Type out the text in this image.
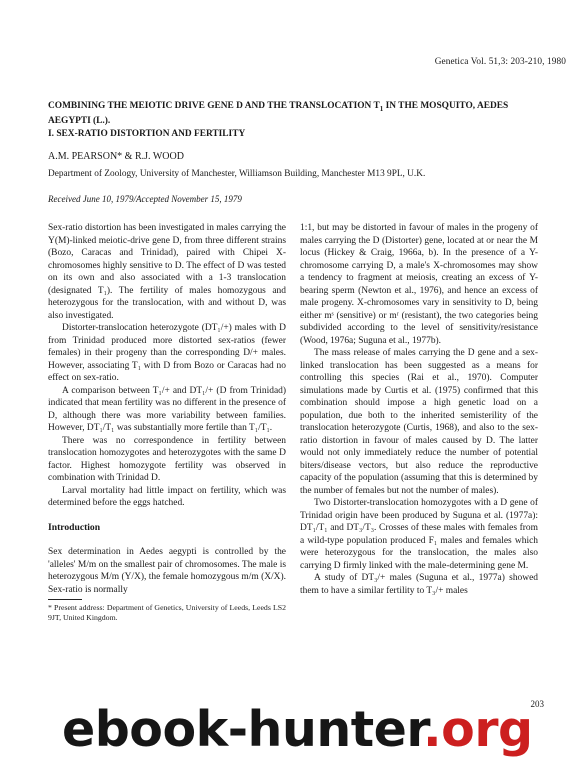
Genetica Vol. 51,3: 203-210, 1980
COMBINING THE MEIOTIC DRIVE GENE D AND THE TRANSLOCATION $T_1$ IN THE MOSQUITO, AEDES
AEGYPTI (L.).
I. SEX-RATIO DISTORTION AND FERTILITY
A.M. PEARSON* & R.J. WOOD
Department of Zoology, University of Manchester, Williamson Building, Manchester M13 9PL, U.K.
Received June 10, 1979/Accepted November 15, 1979

Sex-ratio distortion has been investigated in males carrying the Y(M)-linked meiotic-drive gene D, from three different strains (Bozo, Caracas and Trinidad), paired with Chipei X-chromosomes highly sensitive to D. The effect of D was tested on its own and also associated with a 1-3 translocation (designated T₁). The fertility of males homozygous and heterozygous for the translocation, with and without D, was also investigated.

Distorter-translocation heterozygote (DT₁/+) males with D from Trinidad produced more distorted sex-ratios (fewer females) in their progeny than the corresponding D/+ males. However, associating T₁ with D from Bozo or Caracas had no effect on sex-ratio.

A comparison between T₁/+ and DT₁/+ (D from Trinidad) indicated that mean fertility was no different in the presence of D, although there was more variability between families. However, DT₁/T₁ was substantially more fertile than T₁/T₁.

There was no correspondence in fertility between translocation homozygotes and heterozygotes with the same D factor. Highest homozygote fertility was observed in combination with Trinidad D.

Larval mortality had little impact on fertility, which was determined before the eggs hatched.

Introduction

Sex determination in Aedes aegypti is controlled by the 'alleles' M/m on the smallest pair of chromosomes. The male is heterozygous M/m (Y/X), the female homozygous m/m (X/X). Sex-ratio is normally

* Present address: Department of Genetics, University of Leeds, Leeds LS2 9JT, United Kingdom.

1:1, but may be distorted in favour of males in the progeny of males carrying the D (Distorter) gene, located at or near the M locus (Hickey & Craig, 1966a, b). In the presence of a Y-chromosome carrying D, a male's X-chromosomes may show a tendency to fragment at meiosis, creating an excess of Y-bearing sperm (Newton et al., 1976), and hence an excess of male progeny. X-chromosomes vary in sensitivity to D, being either mˢ (sensitive) or mʳ (resistant), the two categories being subdivided according to the level of sensitivity/resistance (Wood, 1976a; Suguna et al., 1977b).

The mass release of males carrying the D gene and a sex-linked translocation has been suggested as a means for controlling this species (Rai et al., 1970). Computer simulations made by Curtis et al. (1975) confirmed that this combination should impose a high genetic load on a population, due both to the inherited semisterility of the translocation heterozygote (Curtis, 1968), and also to the sex-ratio distortion in favour of males caused by D. The latter would not only immediately reduce the number of potential biters/disease vectors, but also reduce the reproductive capacity of the population (assuming that this is determined by the number of females but not the number of males).

Two Distorter-translocation homozygotes with a D gene of Trinidad origin have been produced by Suguna et al. (1977a): DT₁/T₁ and DT₃/T₃. Crosses of these males with females from a wild-type population produced F₁ males and females which were heterozygous for the translocation, the males also carrying D firmly linked with the male-determining gene M.

A study of DT₃/+ males (Suguna et al., 1977a) showed them to have a similar fertility to T₃/+ males

203
ebook-hunter.org
